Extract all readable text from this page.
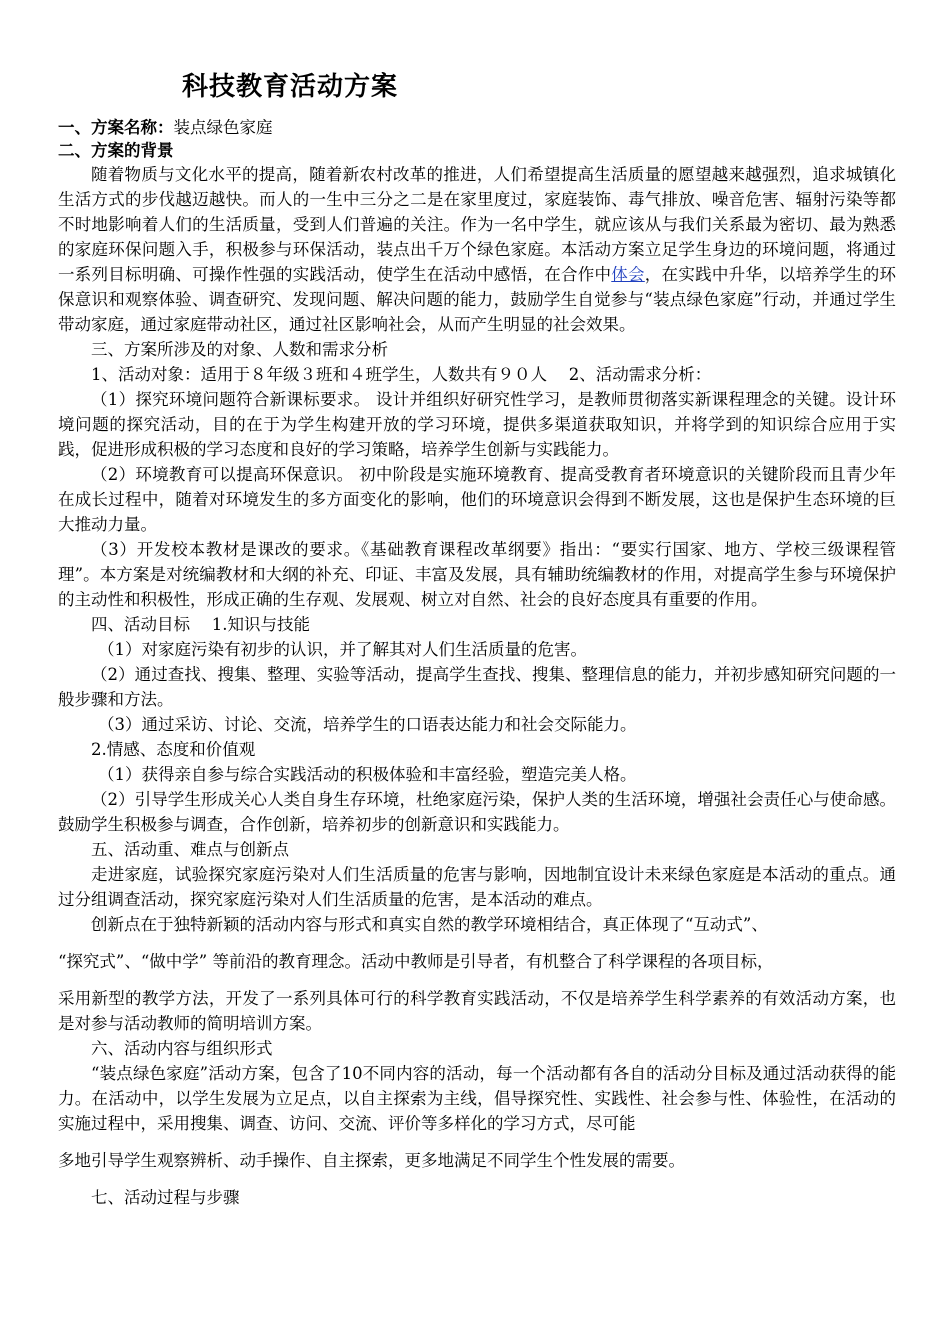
科技教育活动方案

一、方案名称：装点绿色家庭

二、方案的背景

随着物质与文化水平的提高，随着新农村改革的推进，人们希望提高生活质量的愿望越来越强烈，追求城镇化生活方式的步伐越迈越快。而人的一生中三分之二是在家里度过，家庭装饰、毒气排放、噪音危害、辐射污染等都不时地影响着人们的生活质量，受到人们普遍的关注。作为一名中学生，就应该从与我们关系最为密切、最为熟悉的家庭环保问题入手，积极参与环保活动，装点出千万个绿色家庭。本活动方案立足学生身边的环境问题，将通过一系列目标明确、可操作性强的实践活动，使学生在活动中感悟，在合作中体会，在实践中升华，以培养学生的环保意识和观察体验、调查研究、发现问题、解决问题的能力，鼓励学生自觉参与“装点绿色家庭”行动，并通过学生带动家庭，通过家庭带动社区，通过社区影响社会，从而产生明显的社会效果。

三、方案所涉及的对象、人数和需求分析

1、活动对象：适用于８年级３班和４班学生，人数共有９０人　 2、活动需求分析：

（1）探究环境问题符合新课标要求。 设计并组织好研究性学习，是教师贯彻落实新课程理念的关键。设计环境问题的探究活动，目的在于为学生构建开放的学习环境，提供多渠道获取知识，并将学到的知识综合应用于实践，促进形成积极的学习态度和良好的学习策略，培养学生创新与实践能力。

（2）环境教育可以提高环保意识。 初中阶段是实施环境教育、提高受教育者环境意识的关键阶段而且青少年在成长过程中，随着对环境发生的多方面变化的影响，他们的环境意识会得到不断发展，这也是保护生态环境的巨大推动力量。

（3）开发校本教材是课改的要求。《基础教育课程改革纲要》指出：“要实行国家、地方、学校三级课程管理”。本方案是对统编教材和大纲的补充、印证、丰富及发展，具有辅助统编教材的作用，对提高学生参与环境保护的主动性和积极性，形成正确的生存观、发展观、树立对自然、社会的良好态度具有重要的作用。

四、活动目标　 1.知识与技能

（1）对家庭污染有初步的认识，并了解其对人们生活质量的危害。

（2）通过查找、搜集、整理、实验等活动，提高学生查找、搜集、整理信息的能力，并初步感知研究问题的一般步骤和方法。

（3）通过采访、讨论、交流，培养学生的口语表达能力和社会交际能力。

2.情感、态度和价值观

（1）获得亲自参与综合实践活动的积极体验和丰富经验，塑造完美人格。

（2）引导学生形成关心人类自身生存环境，杜绝家庭污染，保护人类的生活环境，增强社会责任心与使命感。鼓励学生积极参与调查，合作创新，培养初步的创新意识和实践能力。

五、活动重、难点与创新点

走进家庭，试验探究家庭污染对人们生活质量的危害与影响，因地制宜设计未来绿色家庭是本活动的重点。通过分组调查活动，探究家庭污染对人们生活质量的危害，是本活动的难点。

创新点在于独特新颖的活动内容与形式和真实自然的教学环境相结合，真正体现了“互动式”、

“探究式”、“做中学” 等前沿的教育理念。活动中教师是引导者，有机整合了科学课程的各项目标，

采用新型的教学方法，开发了一系列具体可行的科学教育实践活动，不仅是培养学生科学素养的有效活动方案，也是对参与活动教师的简明培训方案。

六、活动内容与组织形式

“装点绿色家庭”活动方案，包含了10不同内容的活动，每一个活动都有各自的活动分目标及通过活动获得的能力。在活动中，以学生发展为立足点，以自主探索为主线，倡导探究性、实践性、社会参与性、体验性，在活动的实施过程中，采用搜集、调查、访问、交流、评价等多样化的学习方式，尽可能

多地引导学生观察辨析、动手操作、自主探索，更多地满足不同学生个性发展的需要。

七、活动过程与步骤
